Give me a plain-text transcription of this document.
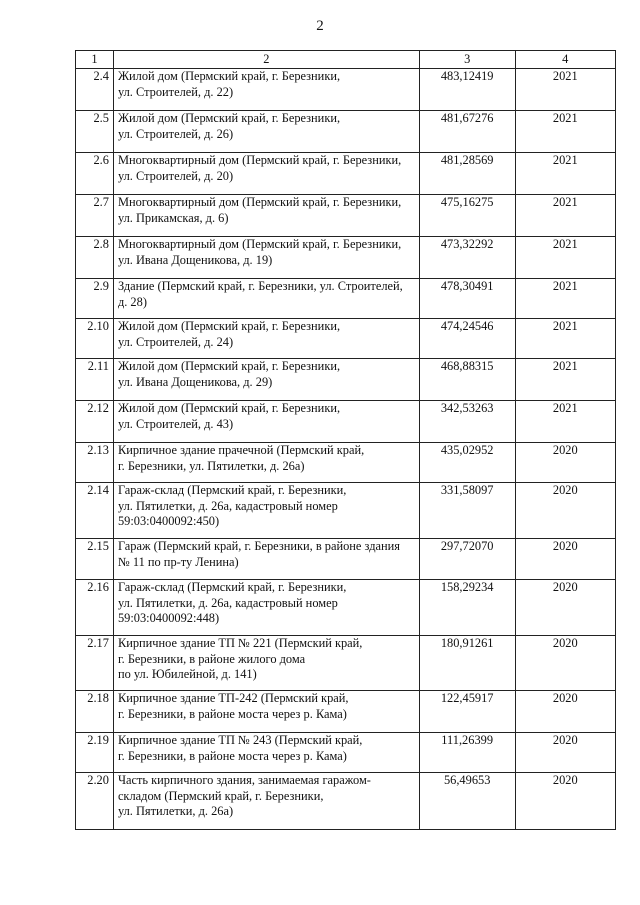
2
1	2	3	4
2.4	Жилой дом (Пермский край, г. Березники,
ул. Строителей, д. 22)	483,12419	2021
2.5	Жилой дом (Пермский край, г. Березники,
ул. Строителей, д. 26)	481,67276	2021
2.6	Многоквартирный дом (Пермский край, г. Березники,
ул. Строителей, д. 20)	481,28569	2021
2.7	Многоквартирный дом (Пермский край, г. Березники,
ул. Прикамская, д. 6)	475,16275	2021
2.8	Многоквартирный дом (Пермский край, г. Березники,
ул. Ивана Дощеникова, д. 19)	473,32292	2021
2.9	Здание (Пермский край, г. Березники, ул. Строителей,
д. 28)	478,30491	2021
2.10	Жилой дом (Пермский край, г. Березники,
ул. Строителей, д. 24)	474,24546	2021
2.11	Жилой дом (Пермский край, г. Березники,
ул. Ивана Дощеникова, д. 29)	468,88315	2021
2.12	Жилой дом (Пермский край, г. Березники,
ул. Строителей, д. 43)	342,53263	2021
2.13	Кирпичное здание прачечной (Пермский край,
г. Березники, ул. Пятилетки, д. 26а)	435,02952	2020
2.14	Гараж-склад (Пермский край, г. Березники,
ул. Пятилетки, д. 26а, кадастровый номер
59:03:0400092:450)	331,58097	2020
2.15	Гараж (Пермский край, г. Березники, в районе здания
№ 11 по пр-ту Ленина)	297,72070	2020
2.16	Гараж-склад (Пермский край, г. Березники,
ул. Пятилетки, д. 26а, кадастровый номер
59:03:0400092:448)	158,29234	2020
2.17	Кирпичное здание ТП № 221 (Пермский край,
г. Березники, в районе жилого дома
по ул. Юбилейной, д. 141)	180,91261	2020
2.18	Кирпичное здание ТП-242 (Пермский край,
г. Березники, в районе моста через р. Кама)	122,45917	2020
2.19	Кирпичное здание ТП № 243 (Пермский край,
г. Березники, в районе моста через р. Кама)	111,26399	2020
2.20	Часть кирпичного здания, занимаемая гаражом-
складом (Пермский край, г. Березники,
ул. Пятилетки, д. 26а)	56,49653	2020
